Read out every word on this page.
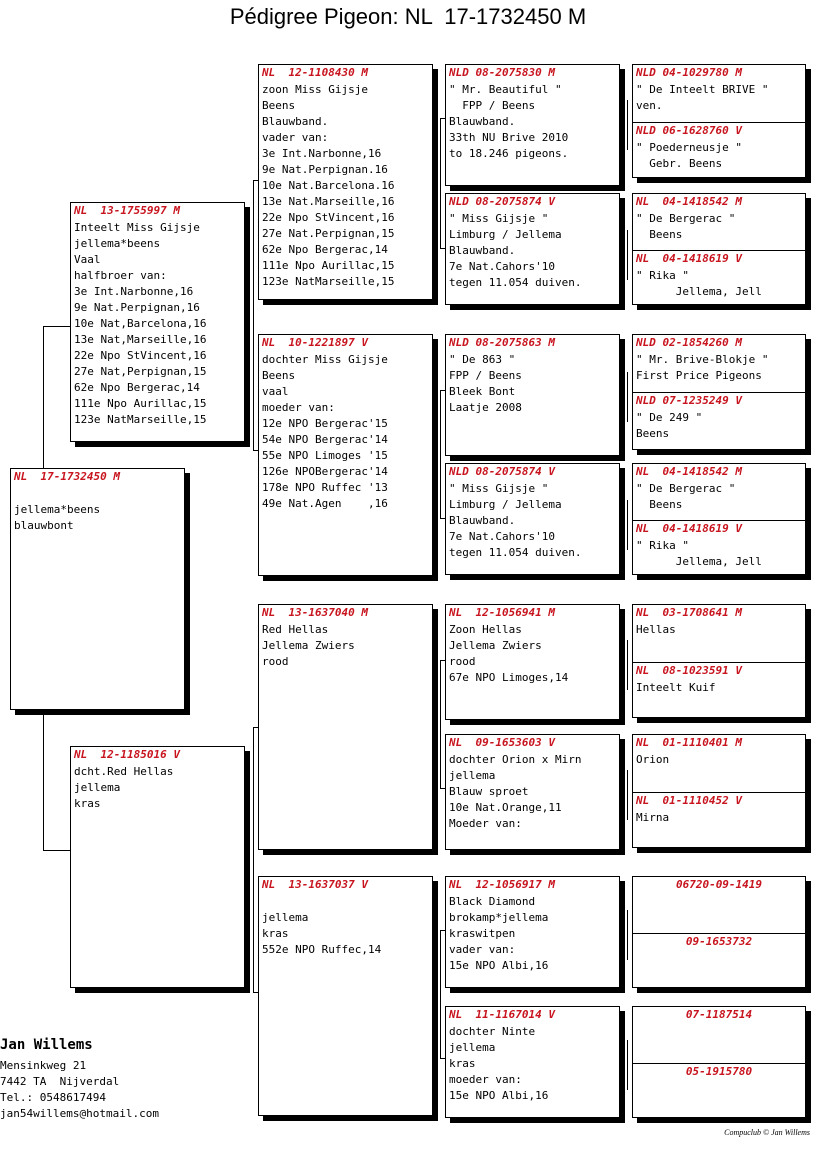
Pédigree Pigeon: NL  17-1732450 M
NL  17-1732450 M
jellema*beens
blauwbont
NL  13-1755997 M
Inteelt Miss Gijsje
jellema*beens
Vaal
halfbroer van:
3e Int.Narbonne,16
9e Nat.Perpignan,16
10e Nat,Barcelona,16
13e Nat,Marseille,16
22e Npo StVincent,16
27e Nat,Perpignan,15
62e Npo Bergerac,14
111e Npo Aurillac,15
123e NatMarseille,15
NL  12-1185016 V
dcht.Red Hellas
jellema
kras
NL  12-1108430 M
zoon Miss Gijsje
Beens
Blauwband.
vader van:
3e Int.Narbonne,16
9e Nat.Perpignan.16
10e Nat.Barcelona.16
13e Nat.Marseille,16
22e Npo StVincent,16
27e Nat.Perpignan,15
62e Npo Bergerac,14
111e Npo Aurillac,15
123e NatMarseille,15
NL  10-1221897 V
dochter Miss Gijsje
Beens
vaal
moeder van:
12e NPO Bergerac'15
54e NPO Bergerac'14
55e NPO Limoges '15
126e NPOBergerac'14
178e NPO Ruffec '13
49e Nat.Agen    ,16
NL  13-1637040 M
Red Hellas
Jellema Zwiers
rood
NL  13-1637037 V
jellema
kras
552e NPO Ruffec,14
NLD 08-2075830 M
" Mr. Beautiful "
FPP / Beens
Blauwband.
33th NU Brive 2010
to 18.246 pigeons.
NLD 08-2075874 V
" Miss Gijsje "
Limburg / Jellema
Blauwband.
7e Nat.Cahors'10
tegen 11.054 duiven.
NLD 08-2075863 M
" De 863 "
FPP / Beens
Bleek Bont
Laatje 2008
NLD 08-2075874 V
" Miss Gijsje "
Limburg / Jellema
Blauwband.
7e Nat.Cahors'10
tegen 11.054 duiven.
NL  12-1056941 M
Zoon Hellas
Jellema Zwiers
rood
67e NPO Limoges,14
NL  09-1653603 V
dochter Orion x Mirn
jellema
Blauw sproet
10e Nat.Orange,11
Moeder van:
NL  12-1056917 M
Black Diamond
brokamp*jellema
kraswitpen
vader van:
15e NPO Albi,16
NL  11-1167014 V
dochter Ninte
jellema
kras
moeder van:
15e NPO Albi,16
NLD 04-1029780 M
" De Inteelt BRIVE "
ven.
NLD 06-1628760 V
" Poederneusje "
Gebr. Beens
NL  04-1418542 M
" De Bergerac "
Beens
NL  04-1418619 V
" Rika "
Jellema, Jell
NLD 02-1854260 M
" Mr. Brive-Blokje "
First Price Pigeons
NLD 07-1235249 V
" De 249 "
Beens
NL  04-1418542 M
" De Bergerac "
Beens
NL  04-1418619 V
" Rika "
Jellema, Jell
NL  03-1708641 M
Hellas
NL  08-1023591 V
Inteelt Kuif
NL  01-1110401 M
Orion
NL  01-1110452 V
Mirna
06720-09-1419
09-1653732
07-1187514
05-1915780
Jan Willems
Mensinkweg 21
7442 TA  Nijverdal
Tel.: 0548617494
jan54willems@hotmail.com
Compuclub © Jan Willems
